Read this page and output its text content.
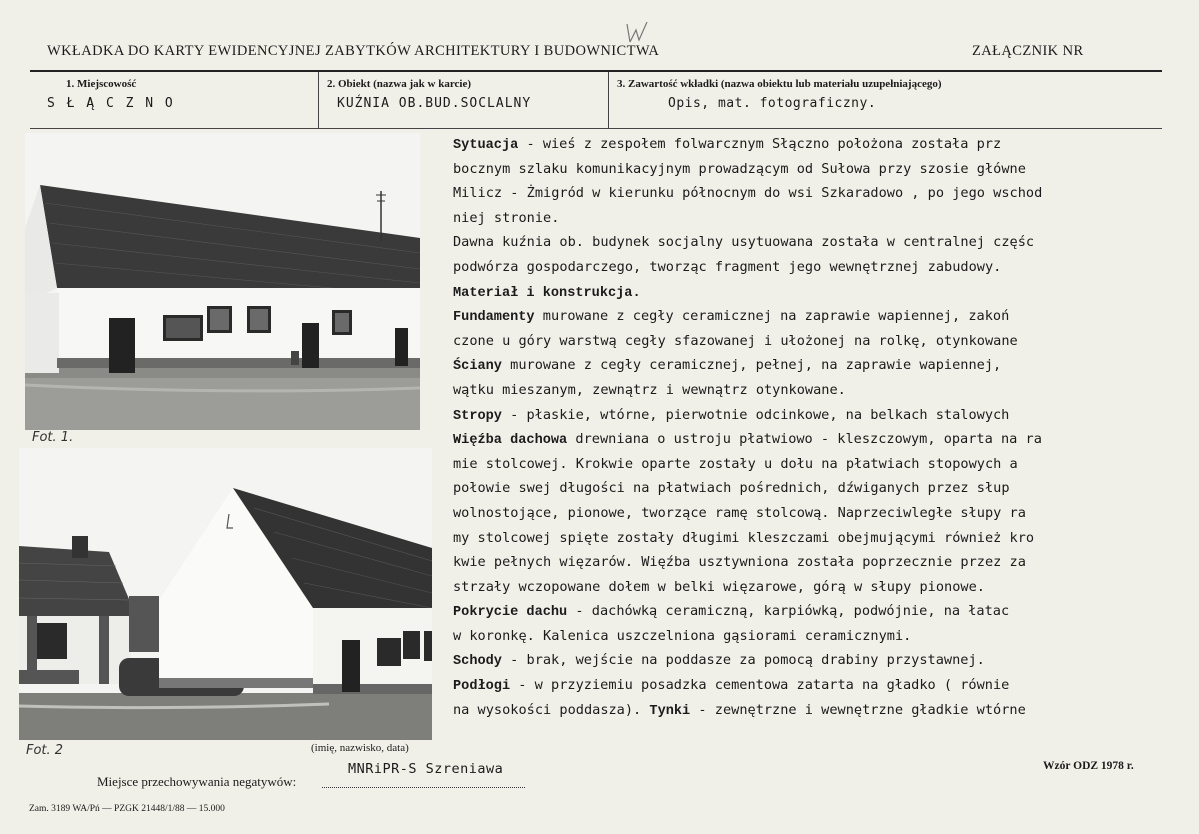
WKŁADKA DO KARTY EWIDENCYJNEJ ZABYTKÓW ARCHITEKTURY I BUDOWNICTWA	ZAŁĄCZNIK NR
1. Miejscowość
S Ł Ą C Z N O
2. Obiekt (nazwa jak w karcie)
KUŹNIA OB.BUD.SOCLALNY
3. Zawartość wkładki (nazwa obiektu lub materiału uzupełniającego)
Opis, mat. fotograficzny.
Fot. 1.
Fot. 2
Sytuacja - wieś z zespołem folwarcznym Słączno położona została prz
bocznym szlaku komunikacyjnym prowadzącym od Sułowa przy szosie główne
Milicz - Żmigród w kierunku północnym do wsi Szkaradowo , po jego wschod
niej stronie.
Dawna kuźnia ob. budynek socjalny usytuowana została w centralnej częśc
podwórza gospodarczego, tworząc fragment jego wewnętrznej zabudowy.
Materiał i konstrukcja.
Fundamenty murowane z cegły ceramicznej na zaprawie wapiennej, zakoń
czone u góry warstwą cegły sfazowanej i ułożonej na rolkę, otynkowane
Ściany murowane z cegły ceramicznej, pełnej, na zaprawie wapiennej,
wątku mieszanym, zewnątrz i wewnątrz otynkowane.
Stropy - płaskie, wtórne, pierwotnie odcinkowe, na belkach stalowych
Więźba dachowa drewniana o ustroju płatwiowo - kleszczowym, oparta na ra
mie stolcowej. Krokwie oparte zostały u dołu na płatwiach stopowych a
połowie swej długości na płatwiach pośrednich, dźwiganych przez słup
wolnostojące, pionowe, tworzące ramę stolcową. Naprzeciwległe słupy ra
my stolcowej spięte zostały długimi kleszczami obejmującymi również kro
kwie pełnych więzarów. Więźba usztywniona została poprzecznie przez za
strzały wczopowane dołem w belki więzarowe, górą w słupy pionowe.
Pokrycie dachu - dachówką ceramiczną, karpiówką, podwójnie, na łatac
w koronkę. Kalenica uszczelniona gąsiorami ceramicznymi.
Schody - brak, wejście na poddasze za pomocą drabiny przystawnej.
Podłogi - w przyziemiu posadzka cementowa zatarta na gładko ( równie
na wysokości poddasza). Tynki - zewnętrzne i wewnętrzne gładkie wtórne
(imię, nazwisko, data)
Miejsce przechowywania negatywów:
MNRiPR-S Szreniawa	Wzór ODZ 1978 r.
Zam. 3189 WA/Pń — PZGK 21448/1/88 — 15.000
